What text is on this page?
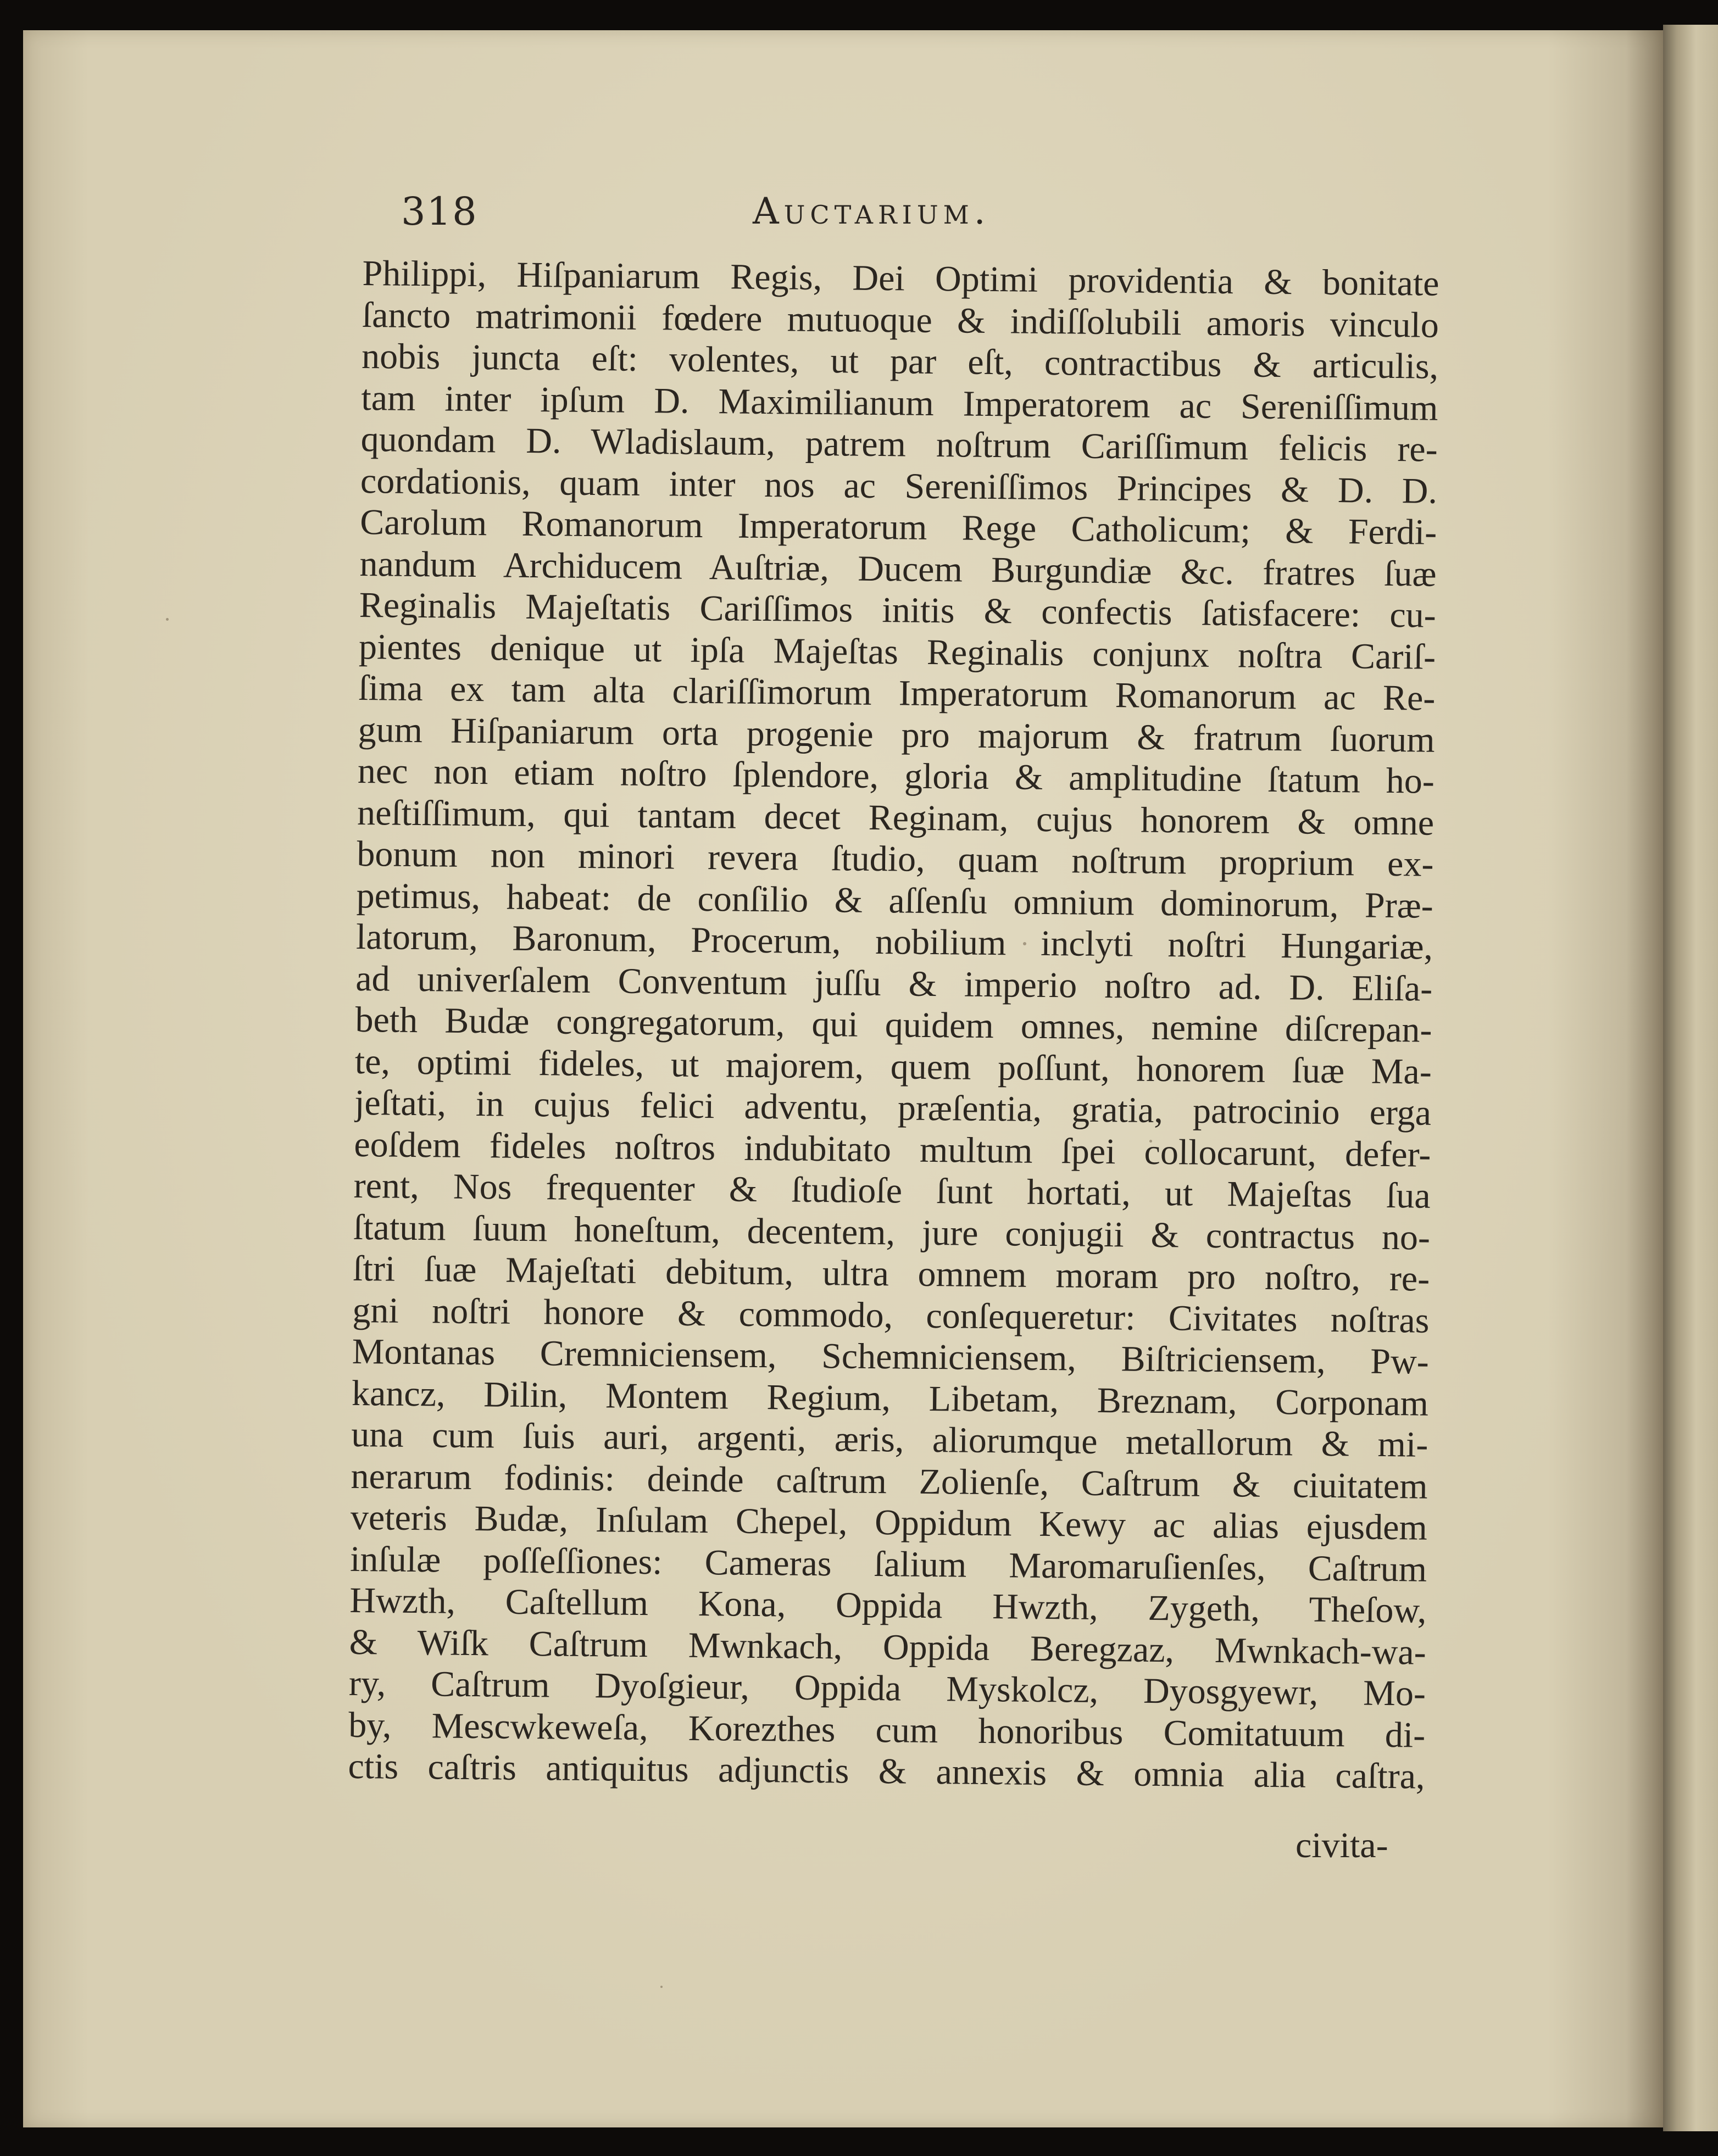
318	Auctarium.
Philippi, Hiſpaniarum Regis, Dei Optimi providentia & bonitate
ſancto matrimonii fœdere mutuoque & indiſſolubili amoris vinculo
nobis juncta eſt: volentes, ut par eſt, contractibus & articulis,
tam inter ipſum D. Maximilianum Imperatorem ac Sereniſſimum
quondam D. Wladislaum, patrem noſtrum Cariſſimum felicis re-
cordationis, quam inter nos ac Sereniſſimos Principes & D. D.
Carolum Romanorum Imperatorum Rege Catholicum; & Ferdi-
nandum Archiducem Auſtriæ, Ducem Burgundiæ &c. fratres ſuæ
Reginalis Majeſtatis Cariſſimos initis & confectis ſatisfacere: cu-
pientes denique ut ipſa Majeſtas Reginalis conjunx noſtra Cariſ-
ſima ex tam alta clariſſimorum Imperatorum Romanorum ac Re-
gum Hiſpaniarum orta progenie pro majorum & fratrum ſuorum
nec non etiam noſtro ſplendore, gloria & amplitudine ſtatum ho-
neſtiſſimum, qui tantam decet Reginam, cujus honorem & omne
bonum non minori revera ſtudio, quam noſtrum proprium ex-
petimus, habeat: de conſilio & aſſenſu omnium dominorum, Præ-
latorum, Baronum, Procerum, nobilium inclyti noſtri Hungariæ,
ad univerſalem Conventum juſſu & imperio noſtro ad. D. Eliſa-
beth Budæ congregatorum, qui quidem omnes, nemine diſcrepan-
te, optimi fideles, ut majorem, quem poſſunt, honorem ſuæ Ma-
jeſtati, in cujus felici adventu, præſentia, gratia, patrocinio erga
eoſdem fideles noſtros indubitato multum ſpei collocarunt, defer-
rent, Nos frequenter & ſtudioſe ſunt hortati, ut Majeſtas ſua
ſtatum ſuum honeſtum, decentem, jure conjugii & contractus no-
ſtri ſuæ Majeſtati debitum, ultra omnem moram pro noſtro, re-
gni noſtri honore & commodo, conſequeretur: Civitates noſtras
Montanas Cremniciensem, Schemniciensem, Biſtriciensem, Pw-
kancz, Dilin, Montem Regium, Libetam, Breznam, Corponam
una cum ſuis auri, argenti, æris, aliorumque metallorum & mi-
nerarum fodinis: deinde caſtrum Zolienſe, Caſtrum & ciuitatem
veteris Budæ, Inſulam Chepel, Oppidum Kewy ac alias ejusdem
inſulæ poſſeſſiones: Cameras ſalium Maromaruſienſes, Caſtrum
Hwzth, Caſtellum Kona, Oppida Hwzth, Zygeth, Theſow,
& Wiſk Caſtrum Mwnkach, Oppida Beregzaz, Mwnkach-wa-
ry, Caſtrum Dyoſgieur, Oppida Myskolcz, Dyosgyewr, Mo-
by, Mescwkeweſa, Korezthes cum honoribus Comitatuum di-
ctis caſtris antiquitus adjunctis & annexis & omnia alia caſtra,
civita-
